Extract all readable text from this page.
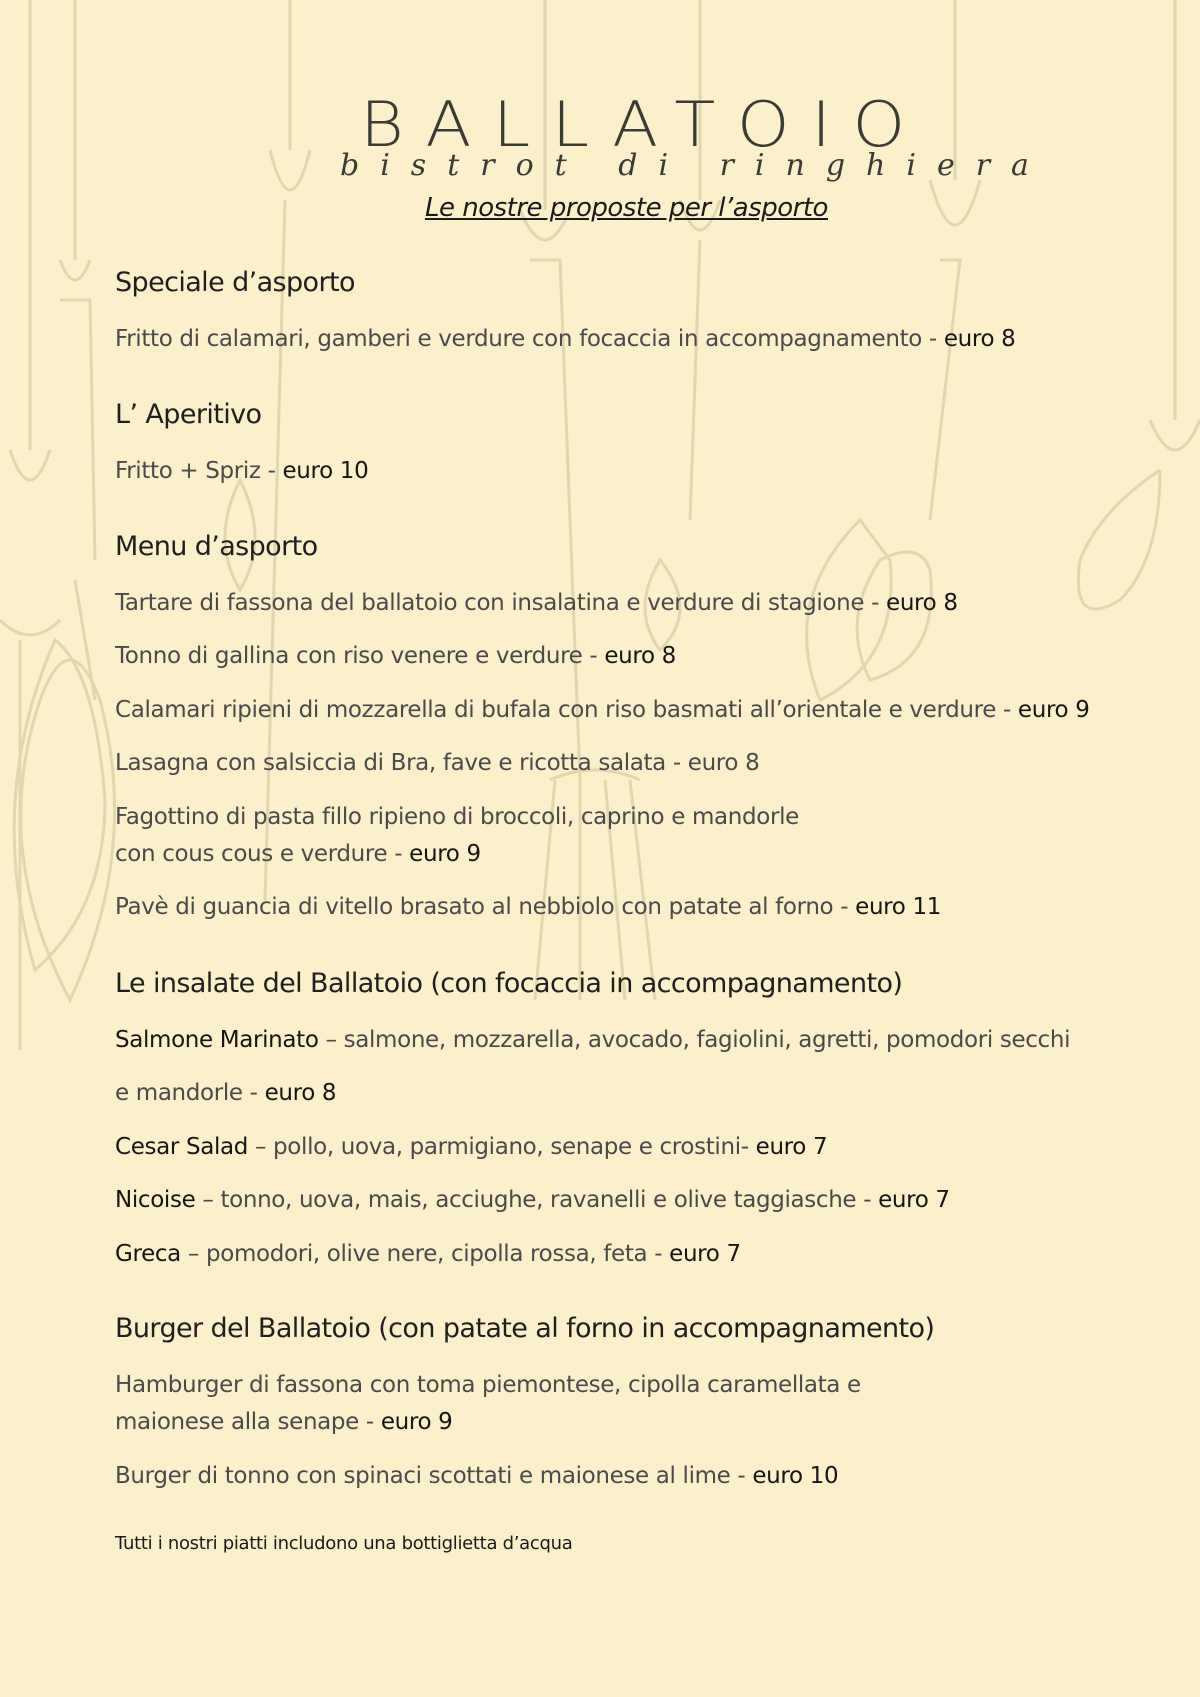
BALLATOIO
bistrot di ringhiera
Le nostre proposte per l’asporto
Speciale d’asporto
Fritto di calamari, gamberi e verdure con focaccia in accompagnamento - euro 8
L’ Aperitivo
Fritto + Spriz - euro 10
Menu d’asporto
Tartare di fassona del ballatoio con insalatina e verdure di stagione - euro 8
Tonno di gallina con riso venere e verdure - euro 8
Calamari ripieni di mozzarella di bufala con riso basmati all’orientale e verdure - euro 9
Lasagna con salsiccia di Bra, fave e ricotta salata - euro 8
Fagottino di pasta fillo ripieno di broccoli, caprino e mandorle
con cous cous e verdure - euro 9
Pavè di guancia di vitello brasato al nebbiolo con patate al forno - euro 11
Le insalate del Ballatoio (con focaccia in accompagnamento)
Salmone Marinato – salmone, mozzarella, avocado, fagiolini, agretti, pomodori secchi
e mandorle - euro 8
Cesar Salad – pollo, uova, parmigiano, senape e crostini- euro 7
Nicoise – tonno, uova, mais, acciughe, ravanelli e olive taggiasche - euro 7
Greca – pomodori, olive nere, cipolla rossa, feta - euro 7
Burger del Ballatoio (con patate al forno in accompagnamento)
Hamburger di fassona con toma piemontese, cipolla caramellata e
maionese alla senape - euro 9
Burger di tonno con spinaci scottati e maionese al lime - euro 10
Tutti i nostri piatti includono una bottiglietta d’acqua
